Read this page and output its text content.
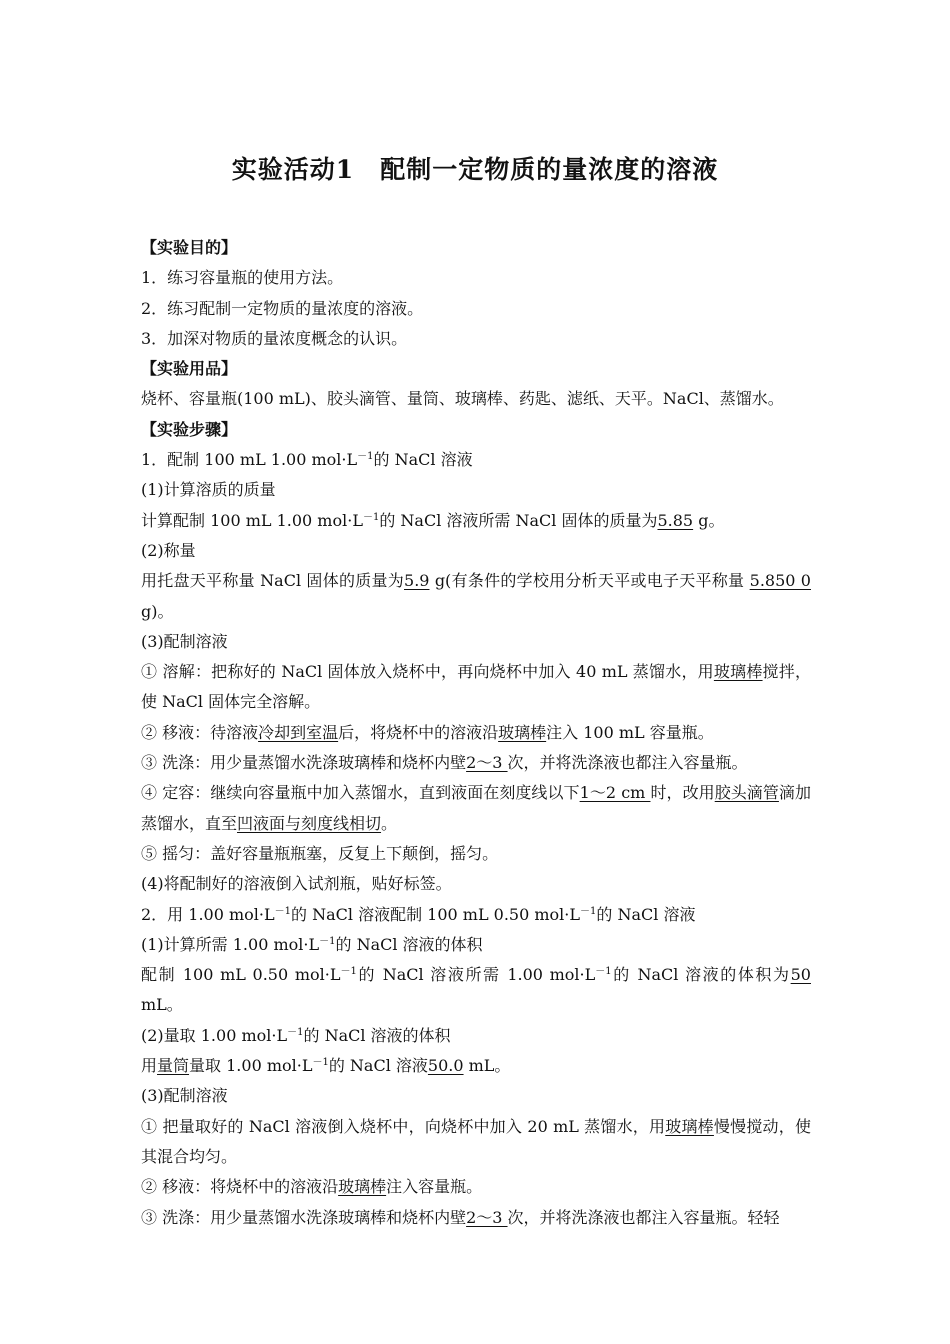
实验活动1　配制一定物质的量浓度的溶液

【实验目的】

1．练习容量瓶的使用方法。

2．练习配制一定物质的量浓度的溶液。

3．加深对物质的量浓度概念的认识。

【实验用品】

烧杯、容量瓶(100 mL)、胶头滴管、量筒、玻璃棒、药匙、滤纸、天平。NaCl、蒸馏水。

【实验步骤】

1．配制 100 mL 1.00 $mol\cdot L^{-1}$的 NaCl 溶液

(1)计算溶质的质量

计算配制 100 mL 1.00 $mol\cdot L^{-1}$的 NaCl 溶液所需 NaCl 固体的质量为5.85 g。

(2)称量

用托盘天平称量 NaCl 固体的质量为5.9 g(有条件的学校用分析天平或电子天平称量 5.850 0 g)。

(3)配制溶液

① 溶解：把称好的 NaCl 固体放入烧杯中，再向烧杯中加入 40 mL 蒸馏水，用玻璃棒搅拌，使 NaCl 固体完全溶解。

② 移液：待溶液冷却到室温后，将烧杯中的溶液沿玻璃棒注入 100 mL 容量瓶。

③ 洗涤：用少量蒸馏水洗涤玻璃棒和烧杯内壁2～3 次，并将洗涤液也都注入容量瓶。

④ 定容：继续向容量瓶中加入蒸馏水，直到液面在刻度线以下1～2 cm 时，改用胶头滴管滴加蒸馏水，直至凹液面与刻度线相切。

⑤ 摇匀：盖好容量瓶瓶塞，反复上下颠倒，摇匀。

(4)将配制好的溶液倒入试剂瓶，贴好标签。

2．用 1.00 $mol\cdot L^{-1}$的 NaCl 溶液配制 100 mL 0.50 $mol\cdot L^{-1}$的 NaCl 溶液

(1)计算所需 1.00 $mol\cdot L^{-1}$的 NaCl 溶液的体积

配制 100 mL 0.50 $mol\cdot L^{-1}$的 NaCl 溶液所需 1.00 $mol\cdot L^{-1}$的 NaCl 溶液的体积为50 mL。

(2)量取 1.00 $mol\cdot L^{-1}$的 NaCl 溶液的体积

用量筒量取 1.00 $mol\cdot L^{-1}$的 NaCl 溶液50.0 mL。

(3)配制溶液

① 把量取好的 NaCl 溶液倒入烧杯中，向烧杯中加入 20 mL 蒸馏水，用玻璃棒慢慢搅动，使其混合均匀。

② 移液：将烧杯中的溶液沿玻璃棒注入容量瓶。

③ 洗涤：用少量蒸馏水洗涤玻璃棒和烧杯内壁2～3 次，并将洗涤液也都注入容量瓶。轻轻
